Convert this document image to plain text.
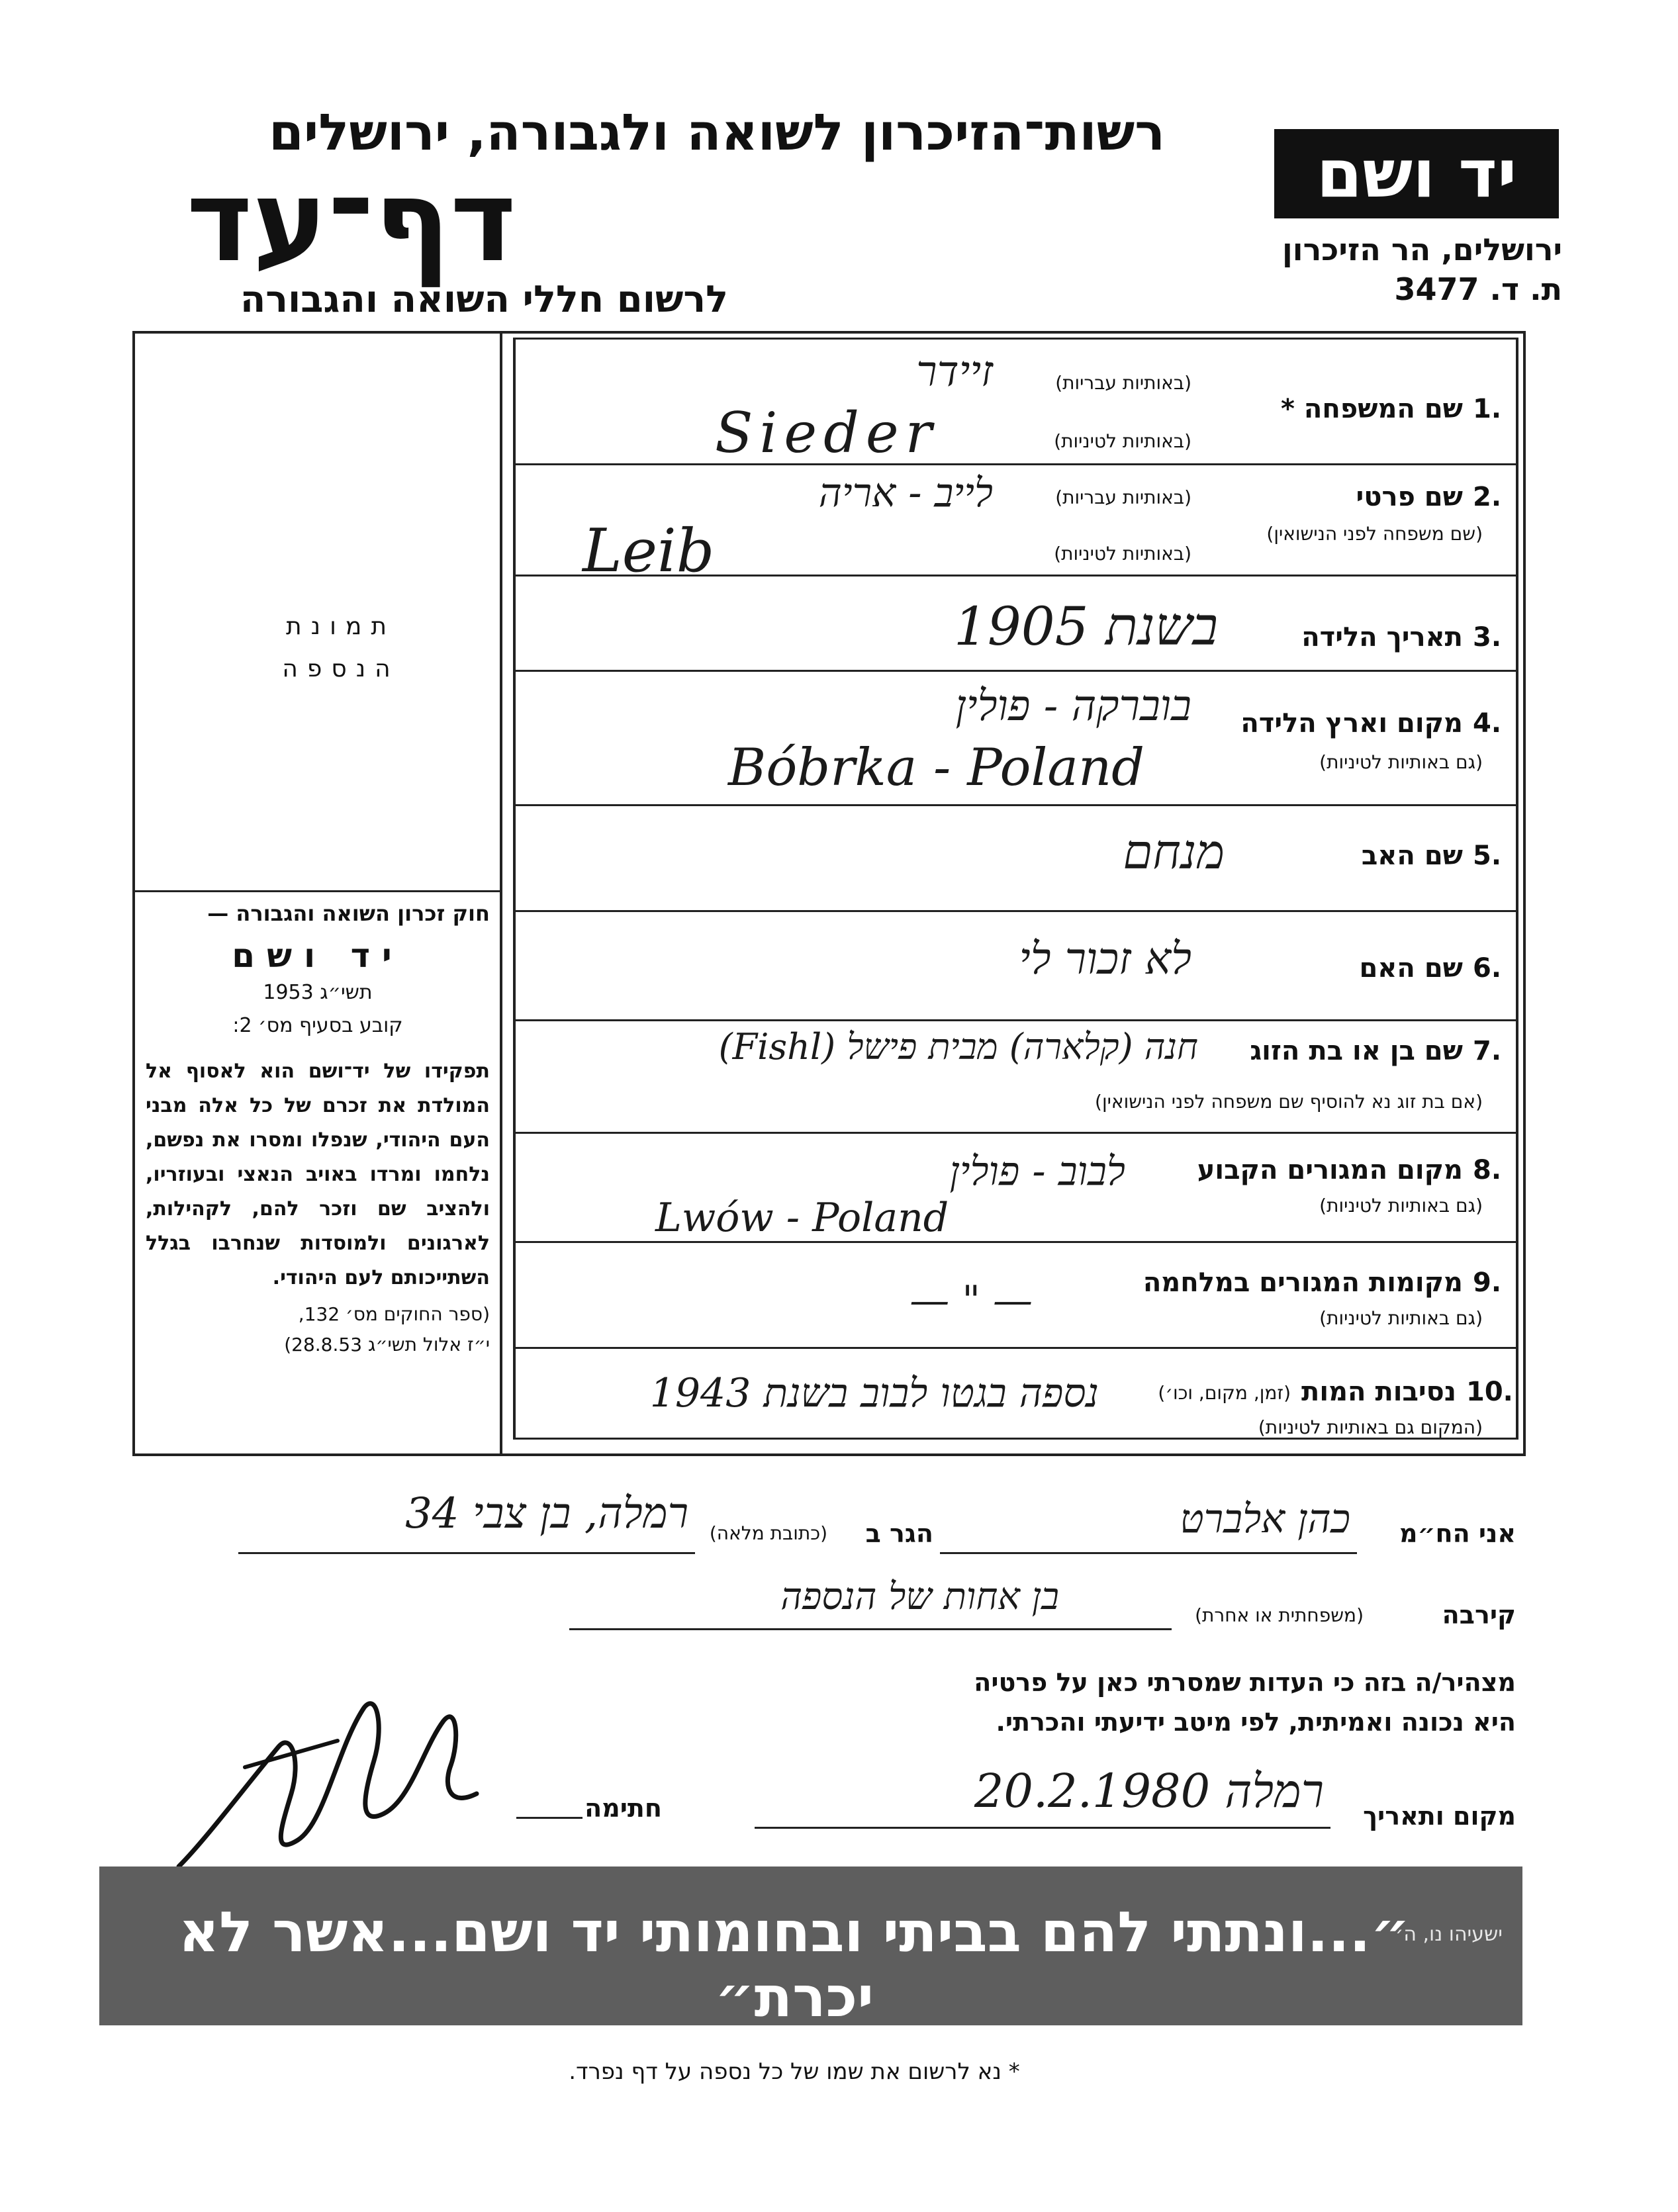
יד ושם
ירושלים, הר הזיכרון
ת. ד. 3477
רשות־הזיכרון לשואה ולגבורה, ירושלים
דף־עד
לרשום חללי השואה והגבורה
תמונת
הנספה
חוק זכרון השואה והגבורה —
יד ושם
תשי״ג 1953
קובע בסעיף מס׳ 2:
תפקידו של יד־ושם הוא לאסוף אל המולדת את זכרם של כל אלה מבני העם היהודי, שנפלו ומסרו את נפשם, נלחמו ומרדו באויב הנאצי ובעוזריו, ולהציב שם וזכר להם, לקהילות, לארגונים ולמוסדות שנחרבו בגלל השתייכותם לעם היהודי.
(ספר החוקים מס׳ 132,
י״ז אלול תשי״ג 28.8.53)
1.
שם המשפחה *
(באותיות עבריות)
(באותיות לטיניות)
זיידר
Sieder
2.
שם פרטי
(שם משפחה לפני הנישואין)
(באותיות עבריות)
(באותיות לטיניות)
לייב - אריה
Leib
3.
תאריך הלידה
בשנת 1905
4.
מקום וארץ הלידה
(גם באותיות לטיניות)
בוברקה - פולין
Bóbrka - Poland
5.
שם האב
מנחם
6.
שם האם
לא זכור לי
7.
שם בן או בת הזוג
(אם בת זוג נא להוסיף שם משפחה לפני הנישואין)
חנה (קלארה) מבית פישל (Fishl)
8.
מקום המגורים הקבוע
(גם באותיות לטיניות)
לבוב - פולין
Lwów - Poland
9.
מקומות המגורים במלחמה
(גם באותיות לטיניות)
— " —
10.
נסיבות המות
(זמן, מקום, וכו׳)
(המקום גם באותיות לטיניות)
נספה בגטו לבוב בשנת 1943
אני הח״מ
כהן אלברט
הגר ב
(כתובת מלאה)
רמלה, בן צבי 34
קירבה
(משפחתית או אחרת)
בן אחות של הנספה
מצהיר/ה בזה כי העדות שמסרתי כאן על פרטיה
היא נכונה ואמיתית, לפי מיטב ידיעתי והכרתי.
מקום ותאריך
רמלה 20.2.1980
חתימה
״...ונתתי להם בביתי ובחומותי יד ושם...אשר לא יכרת״
ישעיהו נו, ה׳
* נא לרשום את שמו של כל נספה על דף נפרד.
